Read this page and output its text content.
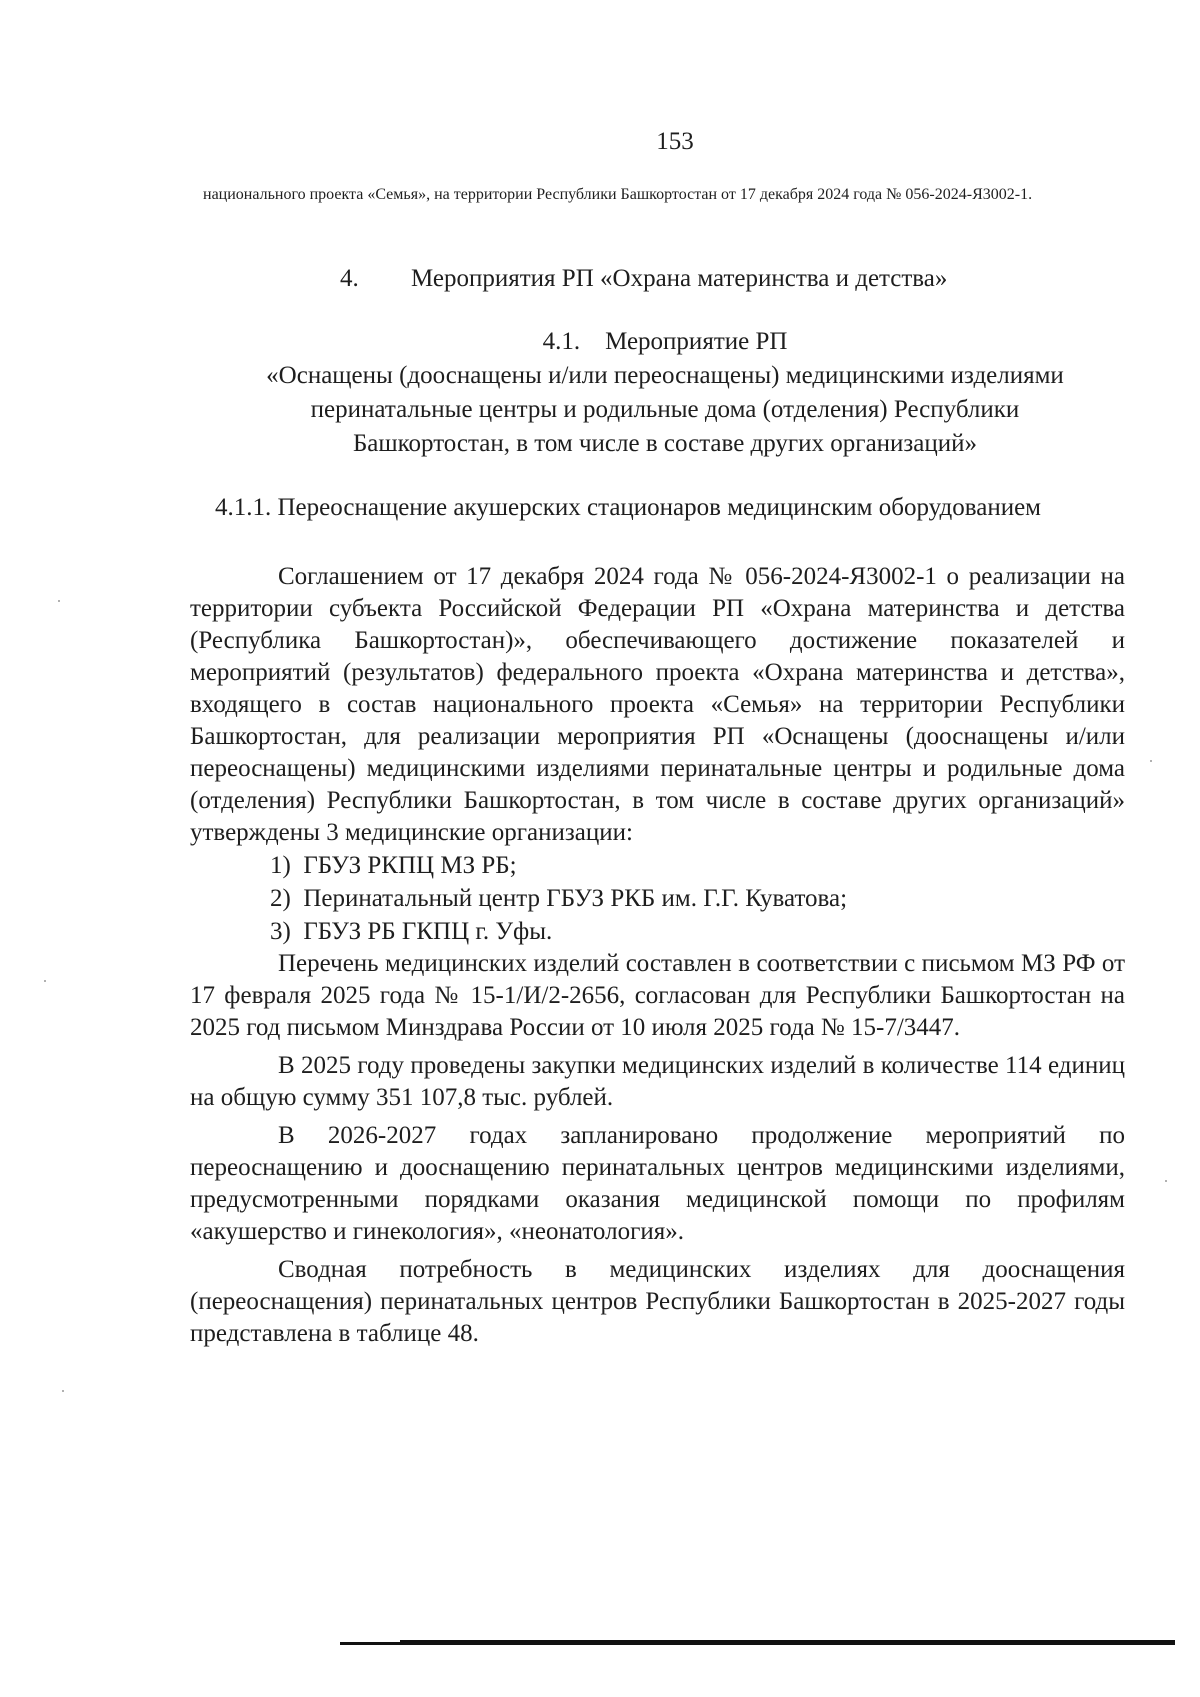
153
национального проекта «Семья», на территории Республики Башкортостан от 17 декабря 2024 года № 056-2024-Я3002-1.
4. Мероприятия РП «Охрана материнства и детства»
4.1.    Мероприятие РП
«Оснащены (дооснащены и/или переоснащены) медицинскими изделиями
перинатальные центры и родильные дома (отделения) Республики
Башкортостан, в том числе в составе других организаций»
4.1.1. Переоснащение акушерских стационаров медицинским оборудованием

Соглашением от 17 декабря 2024 года № 056-2024-Я3002-1 о реализации на территории субъекта Российской Федерации РП «Охрана материнства и детства (Республика Башкортостан)», обеспечивающего достижение показателей и мероприятий (результатов) федерального проекта «Охрана материнства и детства», входящего в состав национального проекта «Семья» на территории Республики Башкортостан, для реализации мероприятия РП «Оснащены (дооснащены и/или переоснащены) медицинскими изделиями перинатальные центры и родильные дома (отделения) Республики Башкортостан, в том числе в составе других организаций» утверждены 3 медицинские организации:

1)  ГБУЗ РКПЦ МЗ РБ;
2)  Перинатальный центр ГБУЗ РКБ им. Г.Г. Куватова;
3)  ГБУЗ РБ ГКПЦ г. Уфы.

Перечень медицинских изделий составлен в соответствии с письмом МЗ РФ от 17 февраля 2025 года № 15-1/И/2-2656, согласован для Республики Башкортостан на 2025 год письмом Минздрава России от 10 июля 2025 года № 15-7/3447.

В 2025 году проведены закупки медицинских изделий в количестве 114 единиц на общую сумму 351 107,8 тыс. рублей.

В 2026-2027 годах запланировано продолжение мероприятий по переоснащению и дооснащению перинатальных центров медицинскими изделиями, предусмотренными порядками оказания медицинской помощи по профилям «акушерство и гинекология», «неонатология».

Сводная потребность в медицинских изделиях для дооснащения (переоснащения) перинатальных центров Республики Башкортостан в 2025-2027 годы представлена в таблице 48.
